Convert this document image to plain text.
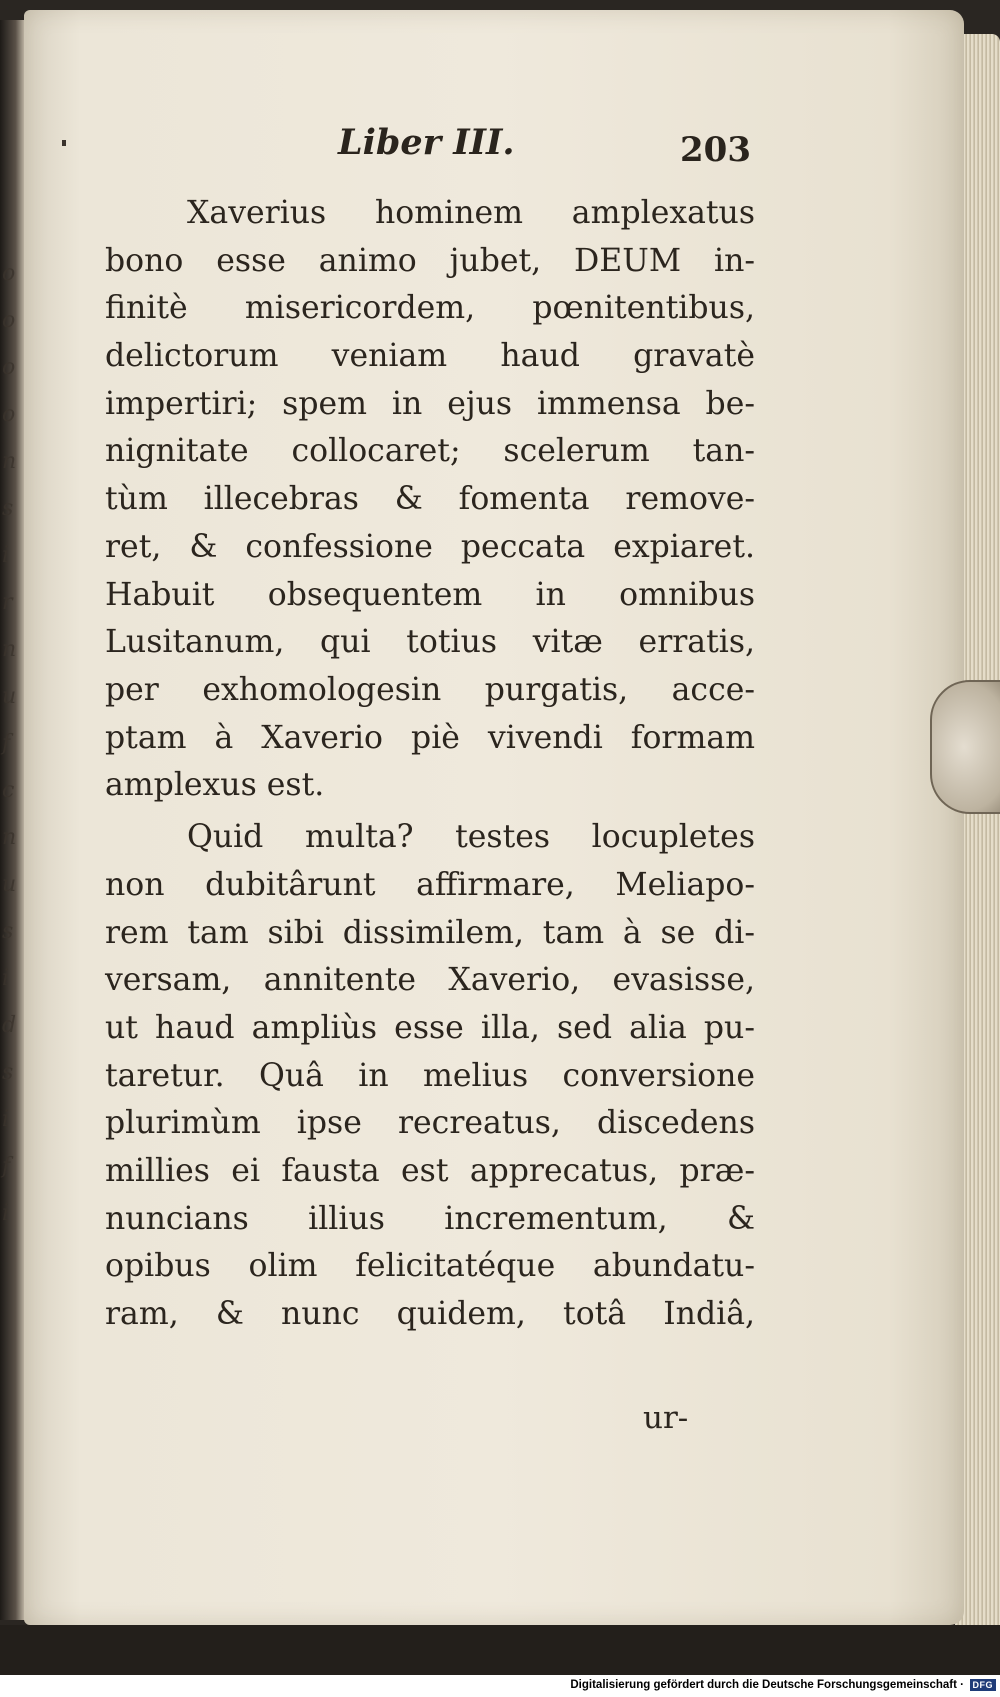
o
o
o
o
n
s
i
r
n
u
f
c
n
u
s
i
d
s
i
f
i
Liber III.	203
Xaverius hominem amplexatus
bono esse animo jubet, DEUM in-
finitè misericordem, pœnitentibus,
delictorum veniam haud gravatè
impertiri; spem in ejus immensa be-
nignitate collocaret; scelerum tan-
tùm illecebras & fomenta remove-
ret, & confessione peccata expiaret.
Habuit obsequentem in omnibus
Lusitanum, qui totius vitæ erratis,
per exhomologesin purgatis, acce-
ptam à Xaverio piè vivendi formam
amplexus est.
Quid multa? testes locupletes
non dubitârunt affirmare, Meliapo-
rem tam sibi dissimilem, tam à se di-
versam, annitente Xaverio, evasisse,
ut haud ampliùs esse illa, sed alia pu-
taretur. Quâ in melius conversione
plurimùm ipse recreatus, discedens
millies ei fausta est apprecatus, præ-
nuncians illius incrementum, &
opibus olim felicitatéque abundatu-
ram, & nunc quidem, totâ Indiâ,
ur-
Digitalisierung gefördert durch die Deutsche Forschungsgemeinschaft · DFG
